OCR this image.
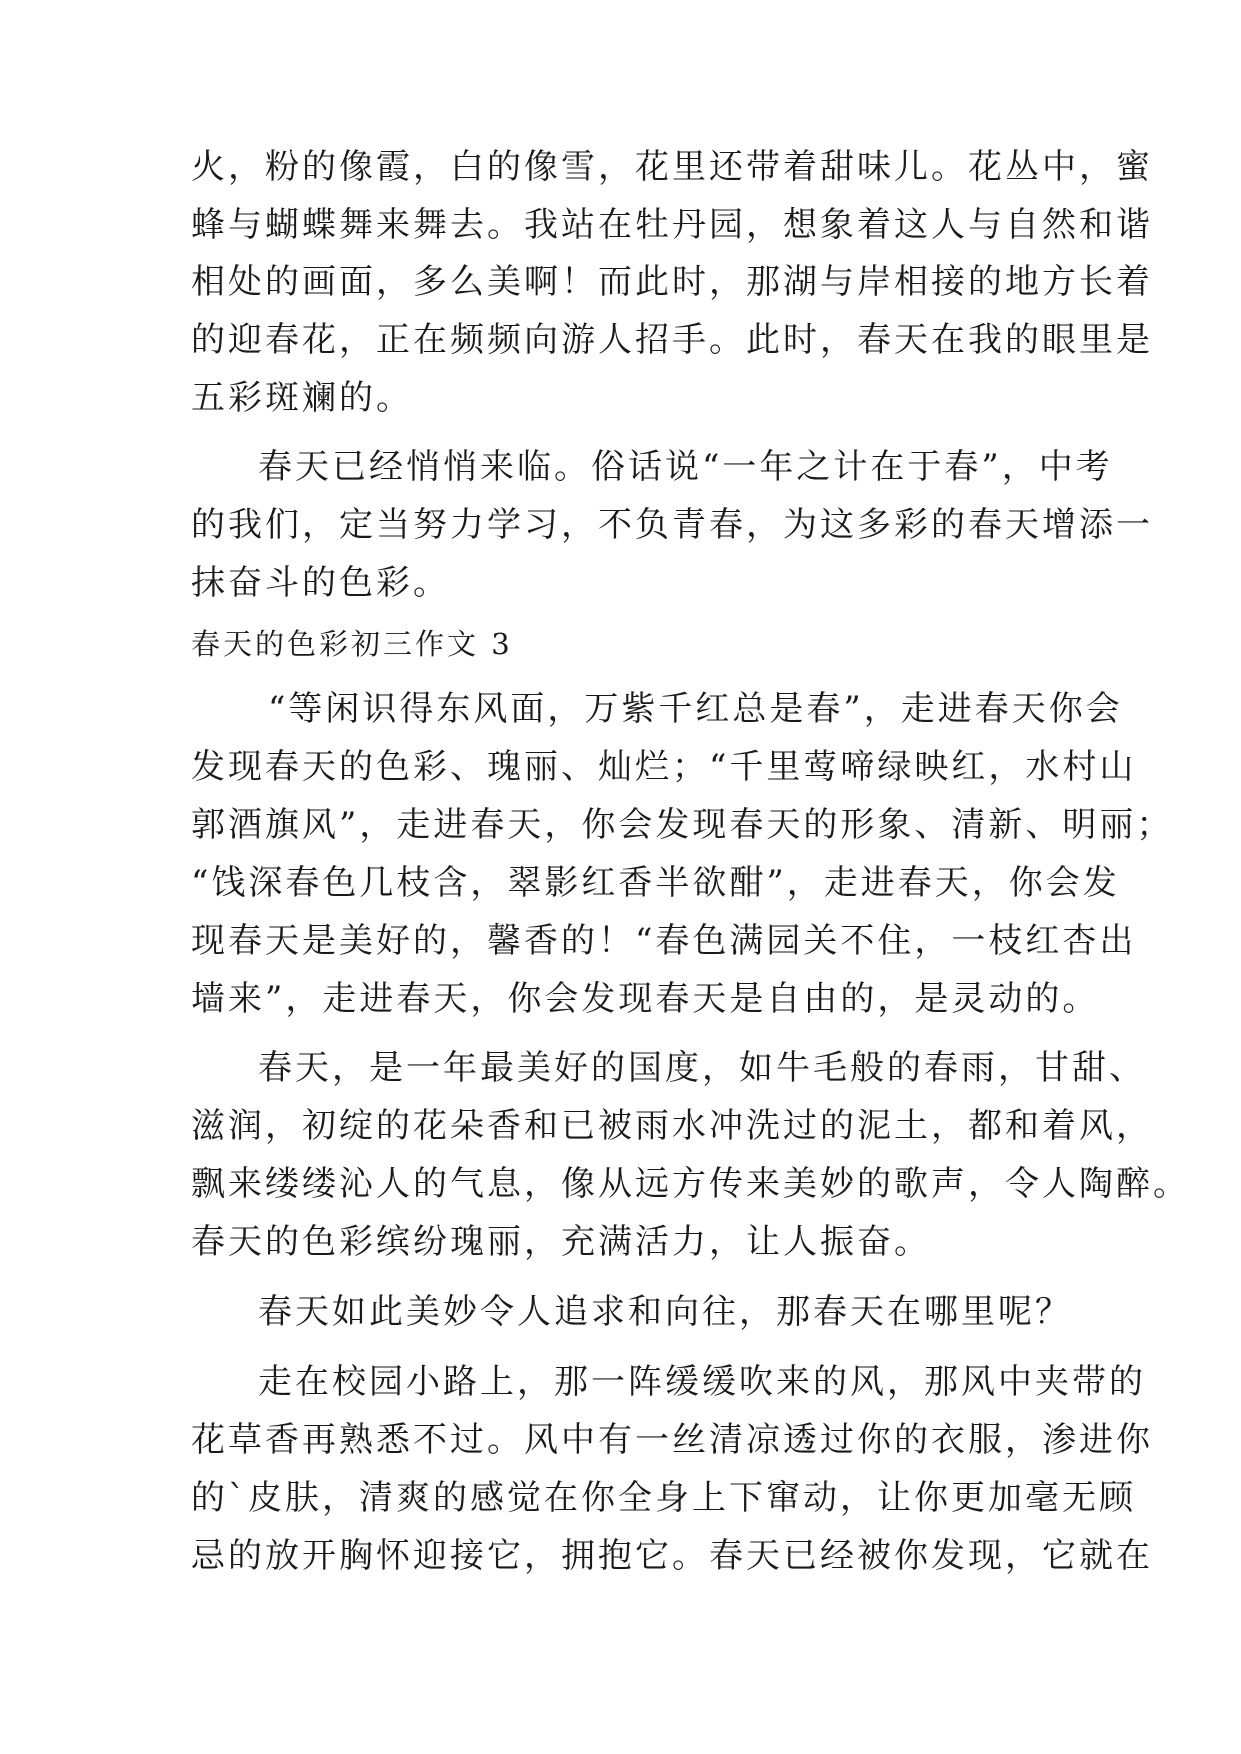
火，粉的像霞，白的像雪，花里还带着甜味儿。花丛中，蜜
蜂与蝴蝶舞来舞去。我站在牡丹园，想象着这人与自然和谐
相处的画面，多么美啊！而此时，那湖与岸相接的地方长着
的迎春花，正在频频向游人招手。此时，春天在我的眼里是
五彩斑斓的。
春天已经悄悄来临。俗话说“一年之计在于春”，中考
的我们，定当努力学习，不负青春，为这多彩的春天增添一
抹奋斗的色彩。
春天的色彩初三作文 3
“等闲识得东风面，万紫千红总是春”，走进春天你会
发现春天的色彩、瑰丽、灿烂；“千里莺啼绿映红，水村山
郭酒旗风”，走进春天，你会发现春天的形象、清新、明丽；
“饯深春色几枝含，翠影红香半欲酣”，走进春天，你会发
现春天是美好的，馨香的！“春色满园关不住，一枝红杏出
墙来”，走进春天，你会发现春天是自由的，是灵动的。
春天，是一年最美好的国度，如牛毛般的春雨，甘甜、
滋润，初绽的花朵香和已被雨水冲洗过的泥土，都和着风，
飘来缕缕沁人的气息，像从远方传来美妙的歌声，令人陶醉。
春天的色彩缤纷瑰丽，充满活力，让人振奋。
春天如此美妙令人追求和向往，那春天在哪里呢？
走在校园小路上，那一阵缓缓吹来的风，那风中夹带的
花草香再熟悉不过。风中有一丝清凉透过你的衣服，渗进你
的`皮肤，清爽的感觉在你全身上下窜动，让你更加毫无顾
忌的放开胸怀迎接它，拥抱它。春天已经被你发现，它就在
